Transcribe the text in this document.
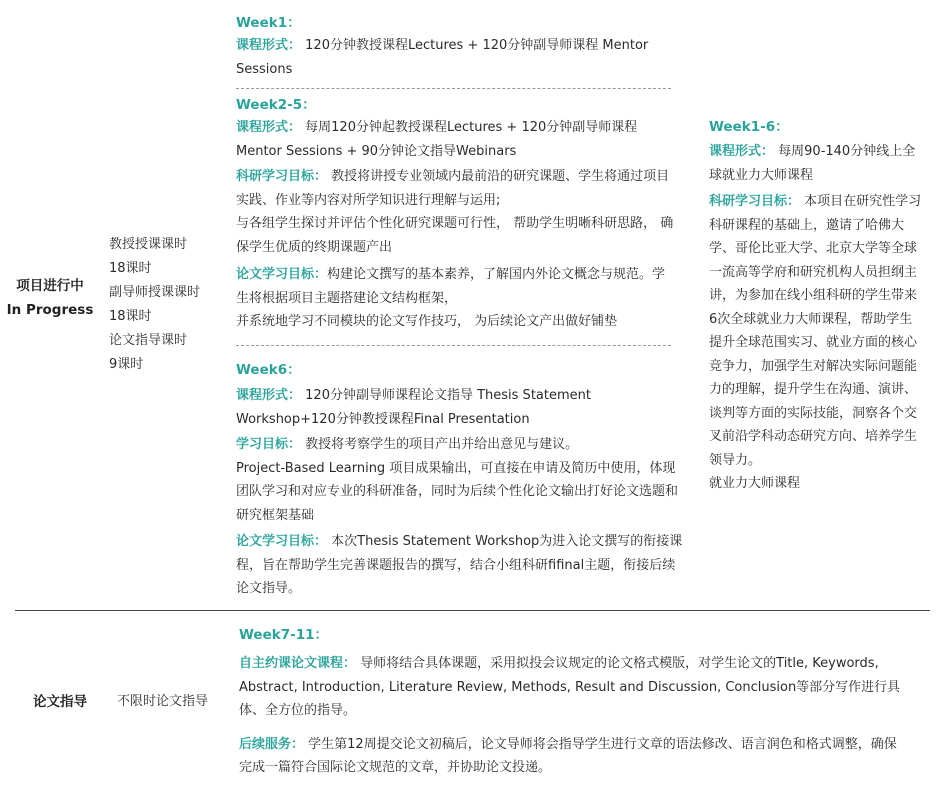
项目进行中
In Progress
教授授课课时
18课时
副导师授课课时
18课时
论文指导课时
9课时

Week1：

课程形式： 120分钟教授课程Lectures + 120分钟副导师课程 Mentor Sessions

Week2-5：

课程形式： 每周120分钟起教授课程Lectures + 120分钟副导师课程 Mentor Sessions + 90分钟论文指导Webinars

科研学习目标： 教授将讲授专业领域内最前沿的研究课题、学生将通过项目实践、作业等内容对所学知识进行理解与运用;

与各组学生探讨并评估个性化研究课题可行性， 帮助学生明晰科研思路， 确保学生优质的终期课题产出

论文学习目标：构建论文撰写的基本素养，了解国内外论文概念与规范。学生将根据项目主题搭建论文结构框架，

并系统地学习不同模块的论文写作技巧， 为后续论文产出做好铺垫

Week6：

课程形式： 120分钟副导师课程论文指导 Thesis Statement Workshop+120分钟教授课程Final Presentation

学习目标： 教授将考察学生的项目产出并给出意见与建议。

Project-Based Learning 项目成果输出，可直接在申请及简历中使用，体现团队学习和对应专业的科研准备，同时为后续个性化论文输出打好论文选题和研究框架基础

论文学习目标： 本次Thesis Statement Workshop为进入论文撰写的衔接课程，旨在帮助学生完善课题报告的撰写，结合小组科研fifinal主题，衔接后续论文指导。

Week1-6：

课程形式： 每周90-140分钟线上全球就业力大师课程

科研学习目标： 本项目在研究性学习科研课程的基础上，邀请了哈佛大学、哥伦比亚大学、北京大学等全球一流高等学府和研究机构人员担纲主讲，为参加在线小组科研的学生带来6次全球就业力大师课程，帮助学生提升全球范围实习、就业方面的核心竞争力，加强学生对解决实际问题能力的理解，提升学生在沟通、演讲、谈判等方面的实际技能，洞察各个交叉前沿学科动态研究方向、培养学生领导力。

就业力大师课程

论文指导	不限时论文指导

Week7-11：

自主约课论文课程： 导师将结合具体课题，采用拟投会议规定的论文格式模版，对学生论文的Title, Keywords, Abstract, Introduction, Literature Review, Methods, Result and Discussion, Conclusion等部分写作进行具体、全方位的指导。

后续服务： 学生第12周提交论文初稿后，论文导师将会指导学生进行文章的语法修改、语言润色和格式调整，确保完成一篇符合国际论文规范的文章，并协助论文投递。
